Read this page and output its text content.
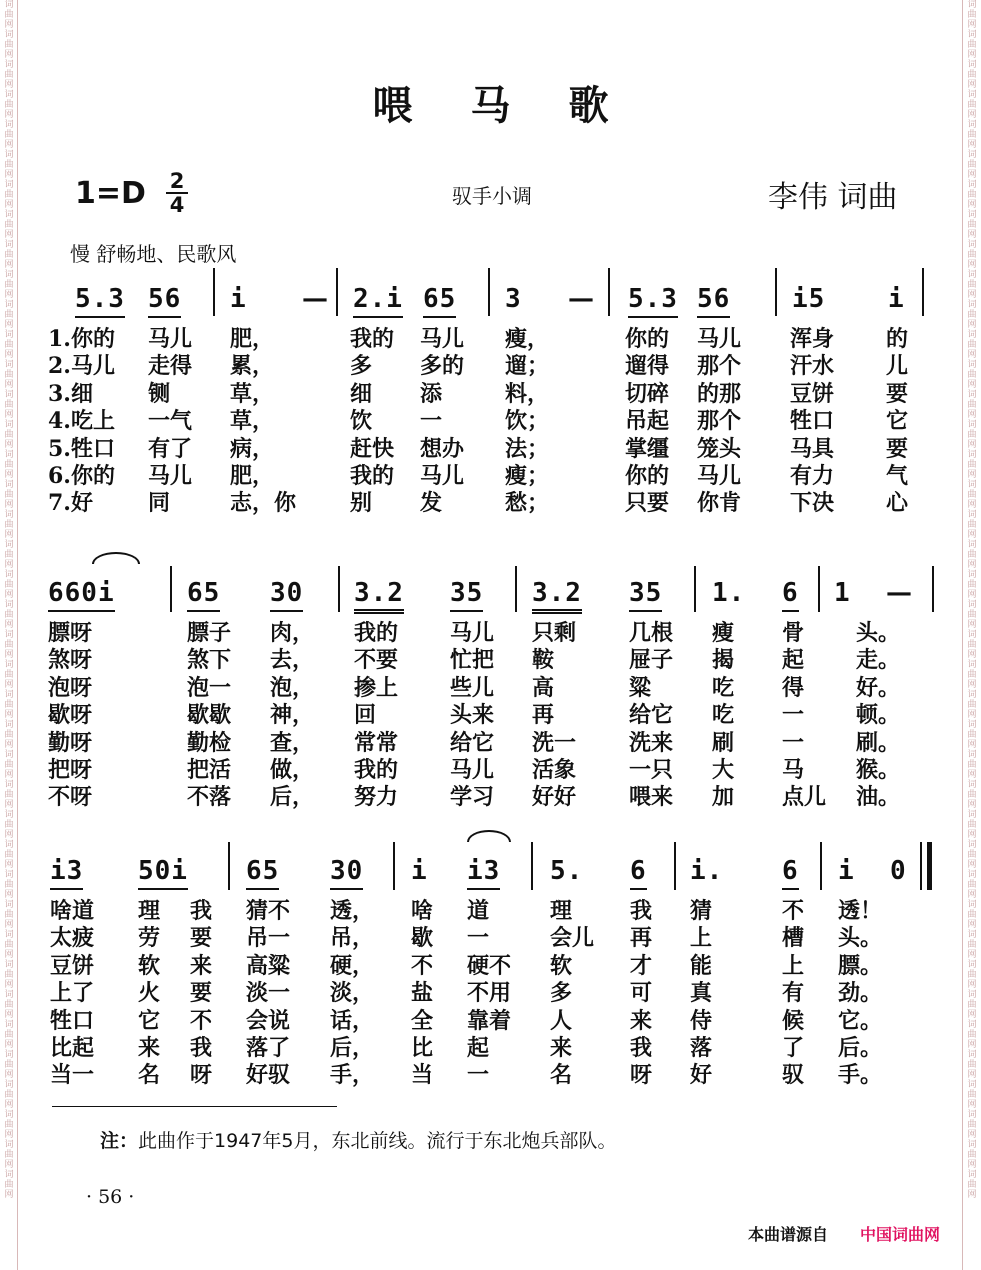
词曲网词曲网词曲网词曲网词曲网词曲网词曲网词曲网词曲网词曲网词曲网词曲网词曲网词曲网词曲网词曲网词曲网词曲网词曲网词曲网词曲网词曲网词曲网词曲网词曲网词曲网词曲网词曲网词曲网词曲网词曲网词曲网词曲网词曲网词曲网词曲网词曲网词曲网词曲网词曲网
词曲网词曲网词曲网词曲网词曲网词曲网词曲网词曲网词曲网词曲网词曲网词曲网词曲网词曲网词曲网词曲网词曲网词曲网词曲网词曲网词曲网词曲网词曲网词曲网词曲网词曲网词曲网词曲网词曲网词曲网词曲网词曲网词曲网词曲网词曲网词曲网词曲网词曲网词曲网词曲网
喂马歌
1=D 2
4	驭手小调	李伟 词曲
慢 舒畅地、民歌风
5.3 56 i — 2.i 65 3 — 5.3 56 i5 i
1.你的 马儿 肥，	我的 马儿 瘦，	你的 马儿 浑身 的
2.马儿 走得 累，	多 多的 遛；	遛得 那个 汗水 儿
3.细	铡	草，	细 添	料，	切碎 的那 豆饼 要
4.吃上 一气 草，	饮 一	饮；	吊起 那个 牲口 它
5.牲口 有了 病，	赶快 想办 法；	掌缰 笼头 马具 要
6.你的 马儿 肥，	我的 马儿 瘦；	你的 马儿 有力 气
7.好	同	志，你 别 发	愁；	只要 你肯 下决 心
660i	65 30 3.2 35 3.2 35 1. 6 1 —
膘呀	膘子 肉， 我的 马儿 只剩 几根 瘦 骨 头。
煞呀	煞下 去， 不要 忙把 鞍	屉子 揭 起 走。
泡呀	泡一 泡， 掺上 些儿 高	粱	吃 得 好。
歇呀	歇歇 神， 回	头来 再	给它 吃 一 顿。
勤呀	勤检 查， 常常 给它 洗一 洗来 刷 一 刷。
把呀	把活 做， 我的 马儿 活象 一只 大 马 猴。
不呀	不落 后， 努力 学习 好好 喂来 加 点儿 油。
i3 50i 65 30 i i3 5. 6 i. 6 i 0
啥道 理 我 猜不 透， 啥 道	理	我 猜	不 透！
太疲 劳 要 吊一 吊， 歇 一	会儿 再 上	槽 头。
豆饼 软 来 高粱 硬， 不 硬不 软	才 能	上 膘。
上了 火 要 淡一 淡， 盐 不用 多	可 真	有 劲。
牲口 它 不 会说 话， 全 靠着 人	来 侍	候 它。
比起 来 我 落了 后， 比 起	来	我 落	了 后。
当一 名 呀 好驭 手， 当 一	名	呀 好	驭 手。
注：此曲作于1947年5月，东北前线。流行于东北炮兵部队。
· 56 ·
本曲谱源自 中国词曲网
